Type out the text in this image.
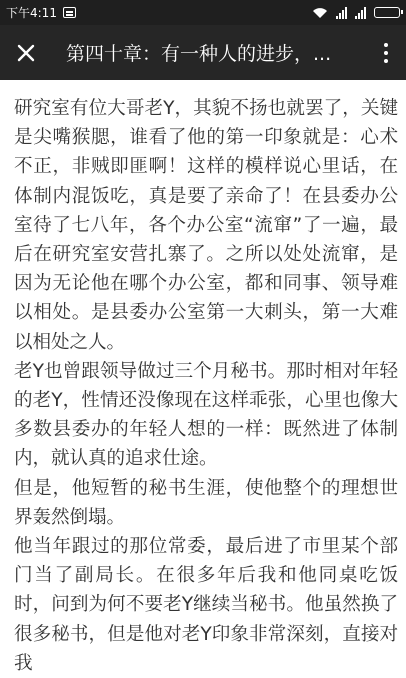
下午4:11
第四十章：有一种人的进步，...

研究室有位大哥老Y，其貌不扬也就罢了，关键是尖嘴猴腮，谁看了他的第一印象就是：心术不正，非贼即匪啊！这样的模样说心里话，在体制内混饭吃，真是要了亲命了！在县委办公室待了七八年，各个办公室“流窜”了一遍，最后在研究室安营扎寨了。之所以处处流窜，是因为无论他在哪个办公室，都和同事、领导难以相处。是县委办公室第一大刺头，第一大难以相处之人。

老Y也曾跟领导做过三个月秘书。那时相对年轻的老Y，性情还没像现在这样乖张，心里也像大多数县委办的年轻人想的一样：既然进了体制内，就认真的追求仕途。

但是，他短暂的秘书生涯，使他整个的理想世界轰然倒塌。

他当年跟过的那位常委，最后进了市里某个部门当了副局长。在很多年后我和他同桌吃饭时，问到为何不要老Y继续当秘书。他虽然换了很多秘书，但是他对老Y印象非常深刻，直接对我
